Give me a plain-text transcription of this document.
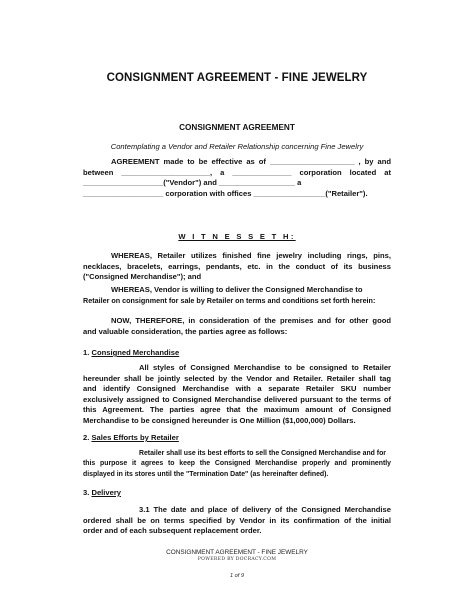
CONSIGNMENT AGREEMENT - FINE JEWELRY
CONSIGNMENT AGREEMENT
Contemplating a Vendor and Retailer Relationship concerning Fine Jewelry
AGREEMENT made to be effective as of ____________________ , by and
between _____________________, a ______________ corporation located at
___________________("Vendor") and __________________ a
___________________ corporation with offices _________________("Retailer").
W I T N E S S E T H:
WHEREAS, Retailer utilizes finished fine jewelry including rings, pins,
necklaces, bracelets, earrings, pendants, etc. in the conduct of its business
("Consigned Merchandise"); and
WHEREAS, Vendor is willing to deliver the Consigned Merchandise to
Retailer on consignment for sale by Retailer on terms and conditions set forth herein:
NOW, THEREFORE, in consideration of the premises and for other good
and valuable consideration, the parties agree as follows:
1. Consigned Merchandise
All styles of Consigned Merchandise to be consigned to Retailer
hereunder shall be jointly selected by the Vendor and Retailer. Retailer shall tag
and identify Consigned Merchandise with a separate Retailer SKU number
exclusively assigned to Consigned Merchandise delivered pursuant to the terms of
this Agreement. The parties agree that the maximum amount of Consigned
Merchandise to be consigned hereunder is One Million ($1,000,000) Dollars.
2. Sales Efforts by Retailer
Retailer shall use its best efforts to sell the Consigned Merchandise and for
this purpose it agrees to keep the Consigned Merchandise properly and prominently
displayed in its stores until the "Termination Date" (as hereinafter defined).
3. Delivery
3.1 The date and place of delivery of the Consigned Merchandise
ordered shall be on terms specified by Vendor in its confirmation of the initial
order and of each subsequent replacement order.
CONSIGNMENT AGREEMENT - FINE JEWELRY
POWERED BY DOCRACY.COM
1 of 9
